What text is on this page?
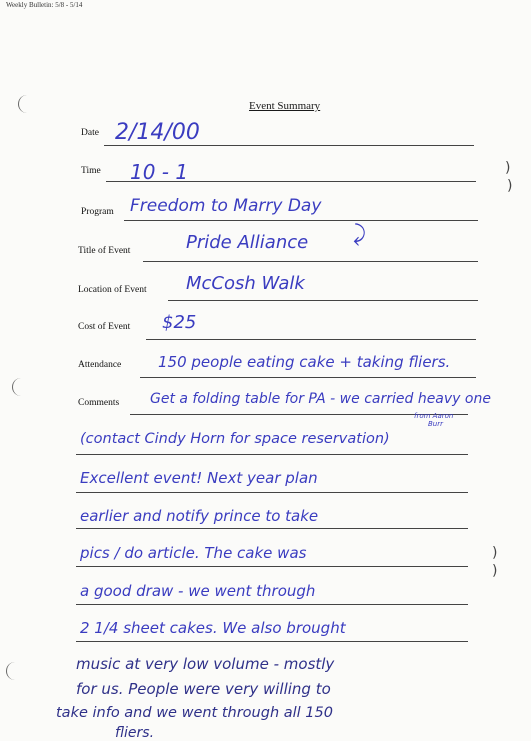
Weekly Bulletin: 5/8 - 5/14
Event Summary
Date 2/14/00
Time 10 - 1
Program Freedom to Marry Day
⤸
Title of Event	Pride Alliance
Location of Event McCosh Walk
Cost of Event $25
Attendance 150 people eating cake + taking fliers.
Comments Get a folding table for PA - we carried heavy one
from Aaron
Burr
(contact Cindy Horn for space reservation)
Excellent event! Next year plan
earlier and notify prince to take
pics / do article. The cake was
a good draw - we went through
2 1/4 sheet cakes. We also brought
music at very low volume - mostly
for us. People were very willing to
take info and we went through all 150
fliers.
)
)
)
)
